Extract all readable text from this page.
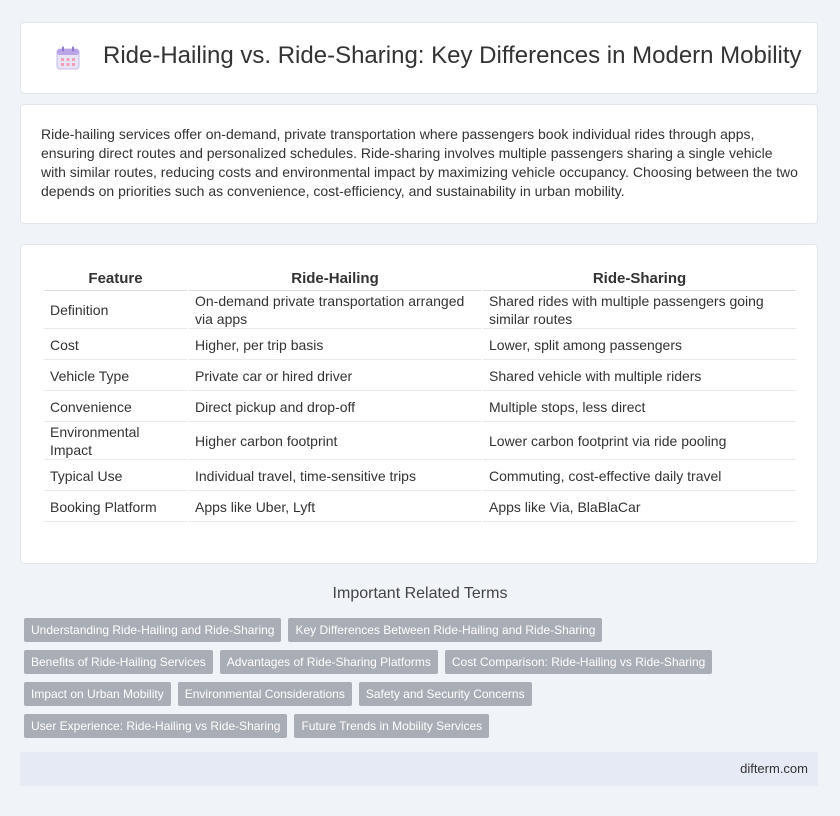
Ride-Hailing vs. Ride-Sharing: Key Differences in Modern Mobility

Ride-hailing services offer on-demand, private transportation where passengers book individual rides through apps, ensuring direct routes and personalized schedules. Ride-sharing involves multiple passengers sharing a single vehicle with similar routes, reducing costs and environmental impact by maximizing vehicle occupancy. Choosing between the two depends on priorities such as convenience, cost-efficiency, and sustainability in urban mobility.

Feature	Ride-Hailing	Ride-Sharing
Definition	On-demand private transportation arranged via apps	Shared rides with multiple passengers going similar routes
Cost	Higher, per trip basis	Lower, split among passengers
Vehicle Type	Private car or hired driver	Shared vehicle with multiple riders
Convenience	Direct pickup and drop-off	Multiple stops, less direct
Environmental Impact	Higher carbon footprint	Lower carbon footprint via ride pooling
Typical Use	Individual travel, time-sensitive trips	Commuting, cost-effective daily travel
Booking Platform	Apps like Uber, Lyft	Apps like Via, BlaBlaCar
Important Related Terms
Understanding Ride-Hailing and Ride-Sharing Key Differences Between Ride-Hailing and Ride-SharingBenefits of Ride-Hailing Services Advantages of Ride-Sharing Platforms Cost Comparison: Ride-Hailing vs Ride-SharingImpact on Urban Mobility Environmental Considerations Safety and Security ConcernsUser Experience: Ride-Hailing vs Ride-Sharing Future Trends in Mobility Services
difterm.com
